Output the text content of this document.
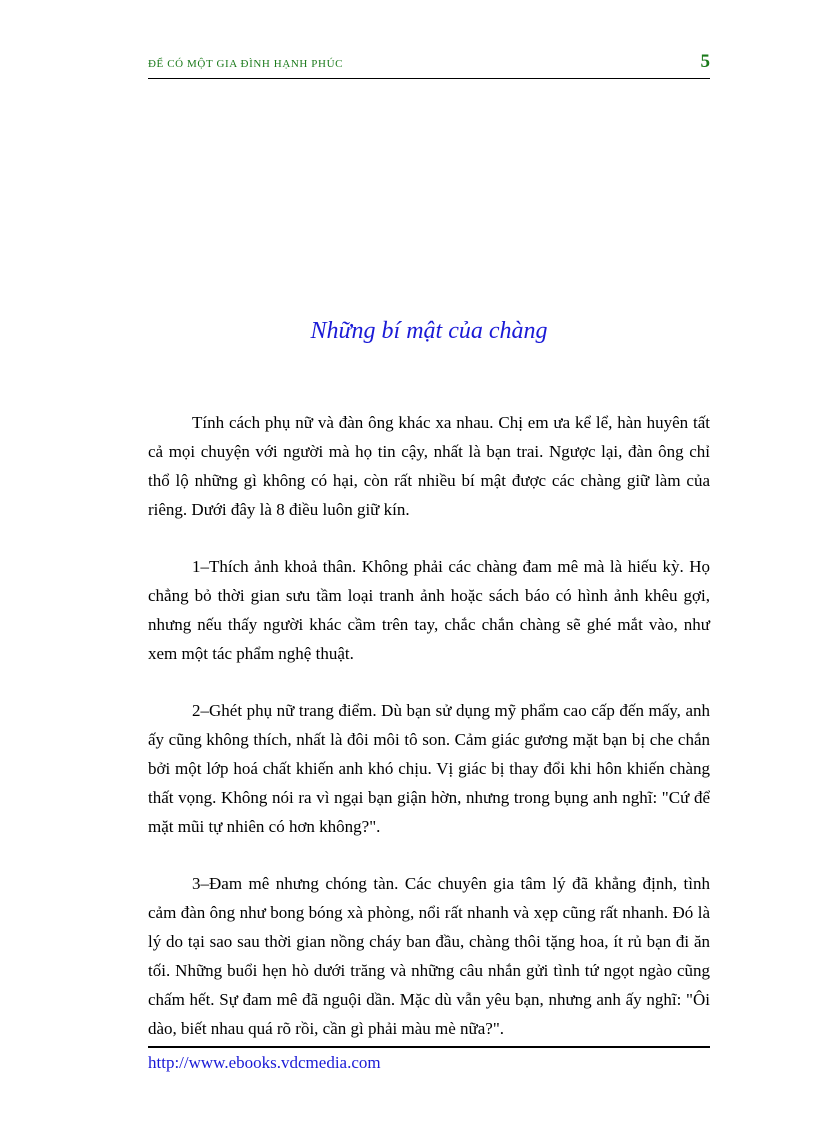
ĐỂ CÓ MỘT GIA ĐÌNH HẠNH PHÚC	5
Những bí mật của chàng

Tính cách phụ nữ và đàn ông khác xa nhau. Chị em ưa kể lể, hàn huyên tất cả mọi chuyện với người mà họ tin cậy, nhất là bạn trai. Ngược lại, đàn ông chỉ thổ lộ những gì không có hại, còn rất nhiều bí mật được các chàng giữ làm của riêng. Dưới đây là 8 điều luôn giữ kín.

1–Thích ảnh khoả thân. Không phải các chàng đam mê mà là hiếu kỳ. Họ chẳng bỏ thời gian sưu tầm loại tranh ảnh hoặc sách báo có hình ảnh khêu gợi, nhưng nếu thấy người khác cầm trên tay, chắc chắn chàng sẽ ghé mắt vào, như xem một tác phẩm nghệ thuật.

2–Ghét phụ nữ trang điểm. Dù bạn sử dụng mỹ phẩm cao cấp đến mấy, anh ấy cũng không thích, nhất là đôi môi tô son. Cảm giác gương mặt bạn bị che chắn bởi một lớp hoá chất khiến anh khó chịu. Vị giác bị thay đổi khi hôn khiến chàng thất vọng. Không nói ra vì ngại bạn giận hờn, nhưng trong bụng anh nghĩ: "Cứ để mặt mũi tự nhiên có hơn không?".

3–Đam mê nhưng chóng tàn. Các chuyên gia tâm lý đã khẳng định, tình cảm đàn ông như bong bóng xà phòng, nổi rất nhanh và xẹp cũng rất nhanh. Đó là lý do tại sao sau thời gian nồng cháy ban đầu, chàng thôi tặng hoa, ít rủ bạn đi ăn tối. Những buổi hẹn hò dưới trăng và những câu nhắn gửi tình tứ ngọt ngào cũng chấm hết. Sự đam mê đã nguội dần. Mặc dù vẫn yêu bạn, nhưng anh ấy nghĩ: "Ôi dào, biết nhau quá rõ rồi, cần gì phải màu mè nữa?".

http://www.ebooks.vdcmedia.com
